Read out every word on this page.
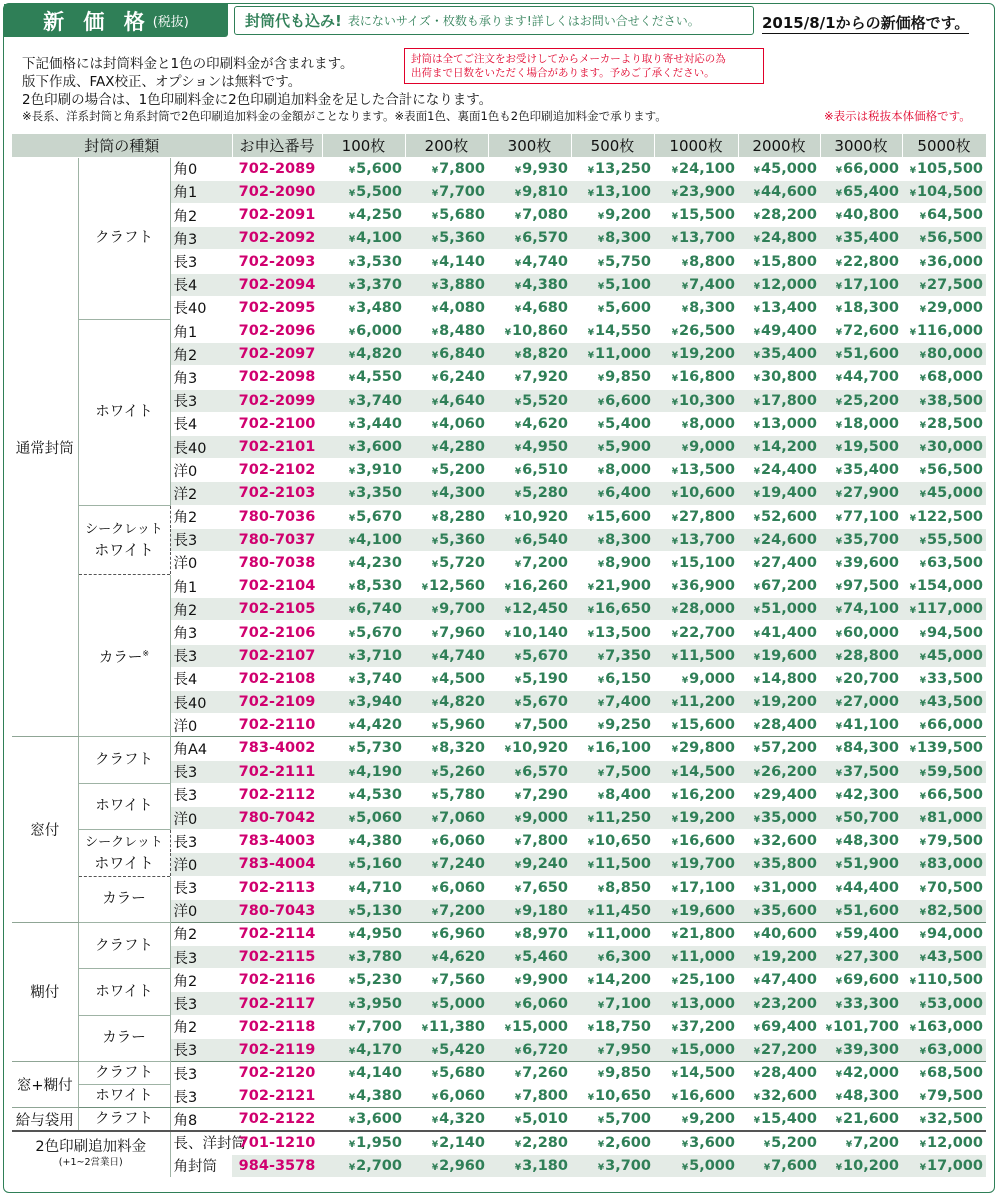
新 価 格 (税抜)	封筒代も込み! 表にないサイズ・枚数も承ります!詳しくはお問い合せください。	2015/8/1からの新価格です。
下記価格には封筒料金と1色の印刷料金が含まれます。
版下作成、FAX校正、オプションは無料です。
2色印刷の場合は、1色印刷料金に2色印刷追加料金を足した合計になります。
※長系、洋系封筒と角系封筒で2色印刷追加料金の金額がことなります。※表面1色、裏面1色も2色印刷追加料金で承ります。	※表示は税抜本体価格です。
封筒は全てご注文をお受けしてからメーカーより取り寄せ対応の為
出荷まで日数をいただく場合があります。予めご了承ください。
封筒の種類			お申込番号	100枚	200枚	300枚	500枚	1000枚	2000枚	3000枚	5000枚
通常封筒	クラフト	角0	702-2089	¥5,600	¥7,800	¥9,930	¥13,250	¥24,100	¥45,000	¥66,000	¥105,500
		角1	702-2090	¥5,500	¥7,700	¥9,810	¥13,100	¥23,900	¥44,600	¥65,400	¥104,500
		角2	702-2091	¥4,250	¥5,680	¥7,080	¥9,200	¥15,500	¥28,200	¥40,800	¥64,500
		角3	702-2092	¥4,100	¥5,360	¥6,570	¥8,300	¥13,700	¥24,800	¥35,400	¥56,500
		長3	702-2093	¥3,530	¥4,140	¥4,740	¥5,750	¥8,800	¥15,800	¥22,800	¥36,000
		長4	702-2094	¥3,370	¥3,880	¥4,380	¥5,100	¥7,400	¥12,000	¥17,100	¥27,500
		長40	702-2095	¥3,480	¥4,080	¥4,680	¥5,600	¥8,300	¥13,400	¥18,300	¥29,000
	ホワイト	角1	702-2096	¥6,000	¥8,480	¥10,860	¥14,550	¥26,500	¥49,400	¥72,600	¥116,000
		角2	702-2097	¥4,820	¥6,840	¥8,820	¥11,000	¥19,200	¥35,400	¥51,600	¥80,000
		角3	702-2098	¥4,550	¥6,240	¥7,920	¥9,850	¥16,800	¥30,800	¥44,700	¥68,000
		長3	702-2099	¥3,740	¥4,640	¥5,520	¥6,600	¥10,300	¥17,800	¥25,200	¥38,500
		長4	702-2100	¥3,440	¥4,060	¥4,620	¥5,400	¥8,000	¥13,000	¥18,000	¥28,500
		長40	702-2101	¥3,600	¥4,280	¥4,950	¥5,900	¥9,000	¥14,200	¥19,500	¥30,000
		洋0	702-2102	¥3,910	¥5,200	¥6,510	¥8,000	¥13,500	¥24,400	¥35,400	¥56,500
		洋2	702-2103	¥3,350	¥4,300	¥5,280	¥6,400	¥10,600	¥19,400	¥27,900	¥45,000
	シークレット
ホワイト	角2	780-7036	¥5,670	¥8,280	¥10,920	¥15,600	¥27,800	¥52,600	¥77,100	¥122,500
		長3	780-7037	¥4,100	¥5,360	¥6,540	¥8,300	¥13,700	¥24,600	¥35,700	¥55,500
		洋0	780-7038	¥4,230	¥5,720	¥7,200	¥8,900	¥15,100	¥27,400	¥39,600	¥63,500
	カラー※	角1	702-2104	¥8,530	¥12,560	¥16,260	¥21,900	¥36,900	¥67,200	¥97,500	¥154,000
		角2	702-2105	¥6,740	¥9,700	¥12,450	¥16,650	¥28,000	¥51,000	¥74,100	¥117,000
		角3	702-2106	¥5,670	¥7,960	¥10,140	¥13,500	¥22,700	¥41,400	¥60,000	¥94,500
		長3	702-2107	¥3,710	¥4,740	¥5,670	¥7,350	¥11,500	¥19,600	¥28,800	¥45,000
		長4	702-2108	¥3,740	¥4,500	¥5,190	¥6,150	¥9,000	¥14,800	¥20,700	¥33,500
		長40	702-2109	¥3,940	¥4,820	¥5,670	¥7,400	¥11,200	¥19,200	¥27,000	¥43,500
		洋0	702-2110	¥4,420	¥5,960	¥7,500	¥9,250	¥15,600	¥28,400	¥41,100	¥66,000
窓付	クラフト	角A4	783-4002	¥5,730	¥8,320	¥10,920	¥16,100	¥29,800	¥57,200	¥84,300	¥139,500
		長3	702-2111	¥4,190	¥5,260	¥6,570	¥7,500	¥14,500	¥26,200	¥37,500	¥59,500
	ホワイト	長3	702-2112	¥4,530	¥5,780	¥7,290	¥8,400	¥16,200	¥29,400	¥42,300	¥66,500
		洋0	780-7042	¥5,060	¥7,060	¥9,000	¥11,250	¥19,200	¥35,000	¥50,700	¥81,000
	シークレット
ホワイト	長3	783-4003	¥4,380	¥6,060	¥7,800	¥10,650	¥16,600	¥32,600	¥48,300	¥79,500
		洋0	783-4004	¥5,160	¥7,240	¥9,240	¥11,500	¥19,700	¥35,800	¥51,900	¥83,000
	カラー	長3	702-2113	¥4,710	¥6,060	¥7,650	¥8,850	¥17,100	¥31,000	¥44,400	¥70,500
		洋0	780-7043	¥5,130	¥7,200	¥9,180	¥11,450	¥19,600	¥35,600	¥51,600	¥82,500
糊付	クラフト	角2	702-2114	¥4,950	¥6,960	¥8,970	¥11,000	¥21,800	¥40,600	¥59,400	¥94,000
		長3	702-2115	¥3,780	¥4,620	¥5,460	¥6,300	¥11,000	¥19,200	¥27,300	¥43,500
	ホワイト	角2	702-2116	¥5,230	¥7,560	¥9,900	¥14,200	¥25,100	¥47,400	¥69,600	¥110,500
		長3	702-2117	¥3,950	¥5,000	¥6,060	¥7,100	¥13,000	¥23,200	¥33,300	¥53,000
	カラー	角2	702-2118	¥7,700	¥11,380	¥15,000	¥18,750	¥37,200	¥69,400	¥101,700	¥163,000
		長3	702-2119	¥4,170	¥5,420	¥6,720	¥7,950	¥15,000	¥27,200	¥39,300	¥63,000
窓+糊付	クラフト	長3	702-2120	¥4,140	¥5,680	¥7,260	¥9,850	¥14,500	¥28,400	¥42,000	¥68,500
	ホワイト	長3	702-2121	¥4,380	¥6,060	¥7,800	¥10,650	¥16,600	¥32,600	¥48,300	¥79,500
給与袋用	クラフト	角8	702-2122	¥3,600	¥4,320	¥5,010	¥5,700	¥9,200	¥15,400	¥21,600	¥32,500

2色印刷追加料金
(+1~2営業日)		長、洋封筒	701-1210	¥1,950	¥2,140	¥2,280	¥2,600	¥3,600	¥5,200	¥7,200	¥12,000
		角封筒	984-3578	¥2,700	¥2,960	¥3,180	¥3,700	¥5,000	¥7,600	¥10,200	¥17,000
